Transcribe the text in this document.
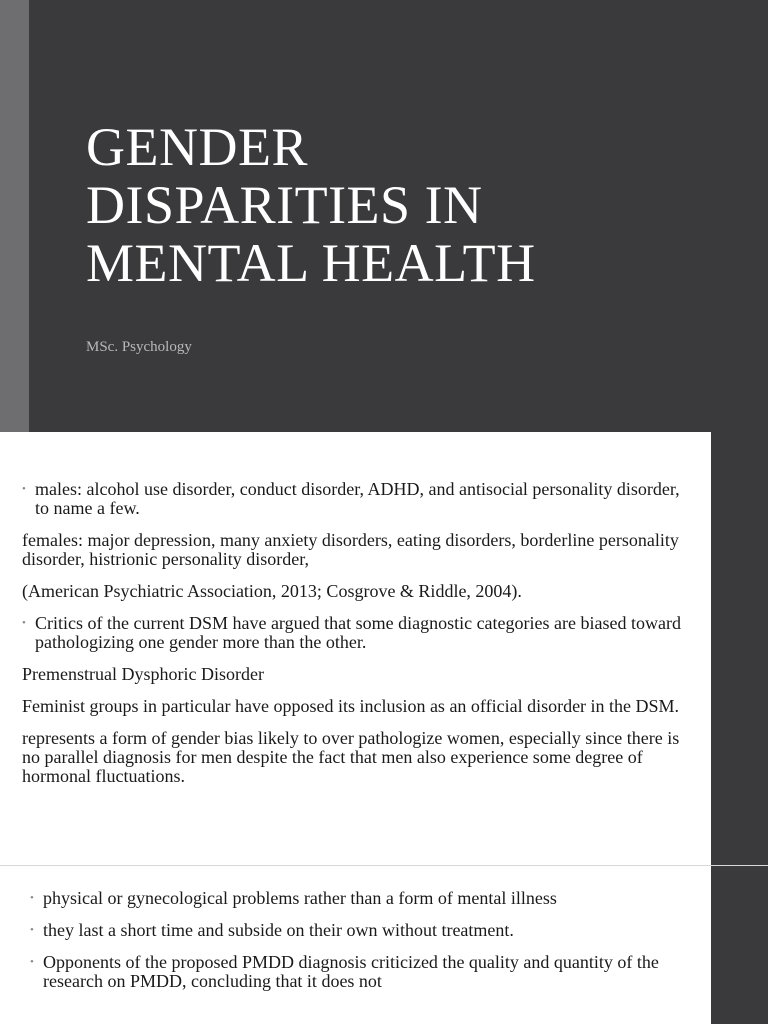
GENDER
DISPARITIES IN
MENTAL HEALTH
MSc. Psychology
• males: alcohol use disorder, conduct disorder, ADHD, and antisocial personality disorder, to name a few.
females: major depression, many anxiety disorders, eating disorders, borderline personality disorder, histrionic personality disorder,
(American Psychiatric Association, 2013; Cosgrove & Riddle, 2004).
• Critics of the current DSM have argued that some diagnostic categories are biased toward pathologizing one gender more than the other.
Premenstrual Dysphoric Disorder
Feminist groups in particular have opposed its inclusion as an official disorder in the DSM.
represents a form of gender bias likely to over pathologize women, especially since there is no parallel diagnosis for men despite the fact that men also experience some degree of hormonal fluctuations.
• physical or gynecological problems rather than a form of mental illness
• they last a short time and subside on their own without treatment.
• Opponents of the proposed PMDD diagnosis criticized the quality and quantity of the research on PMDD, concluding that it does not
